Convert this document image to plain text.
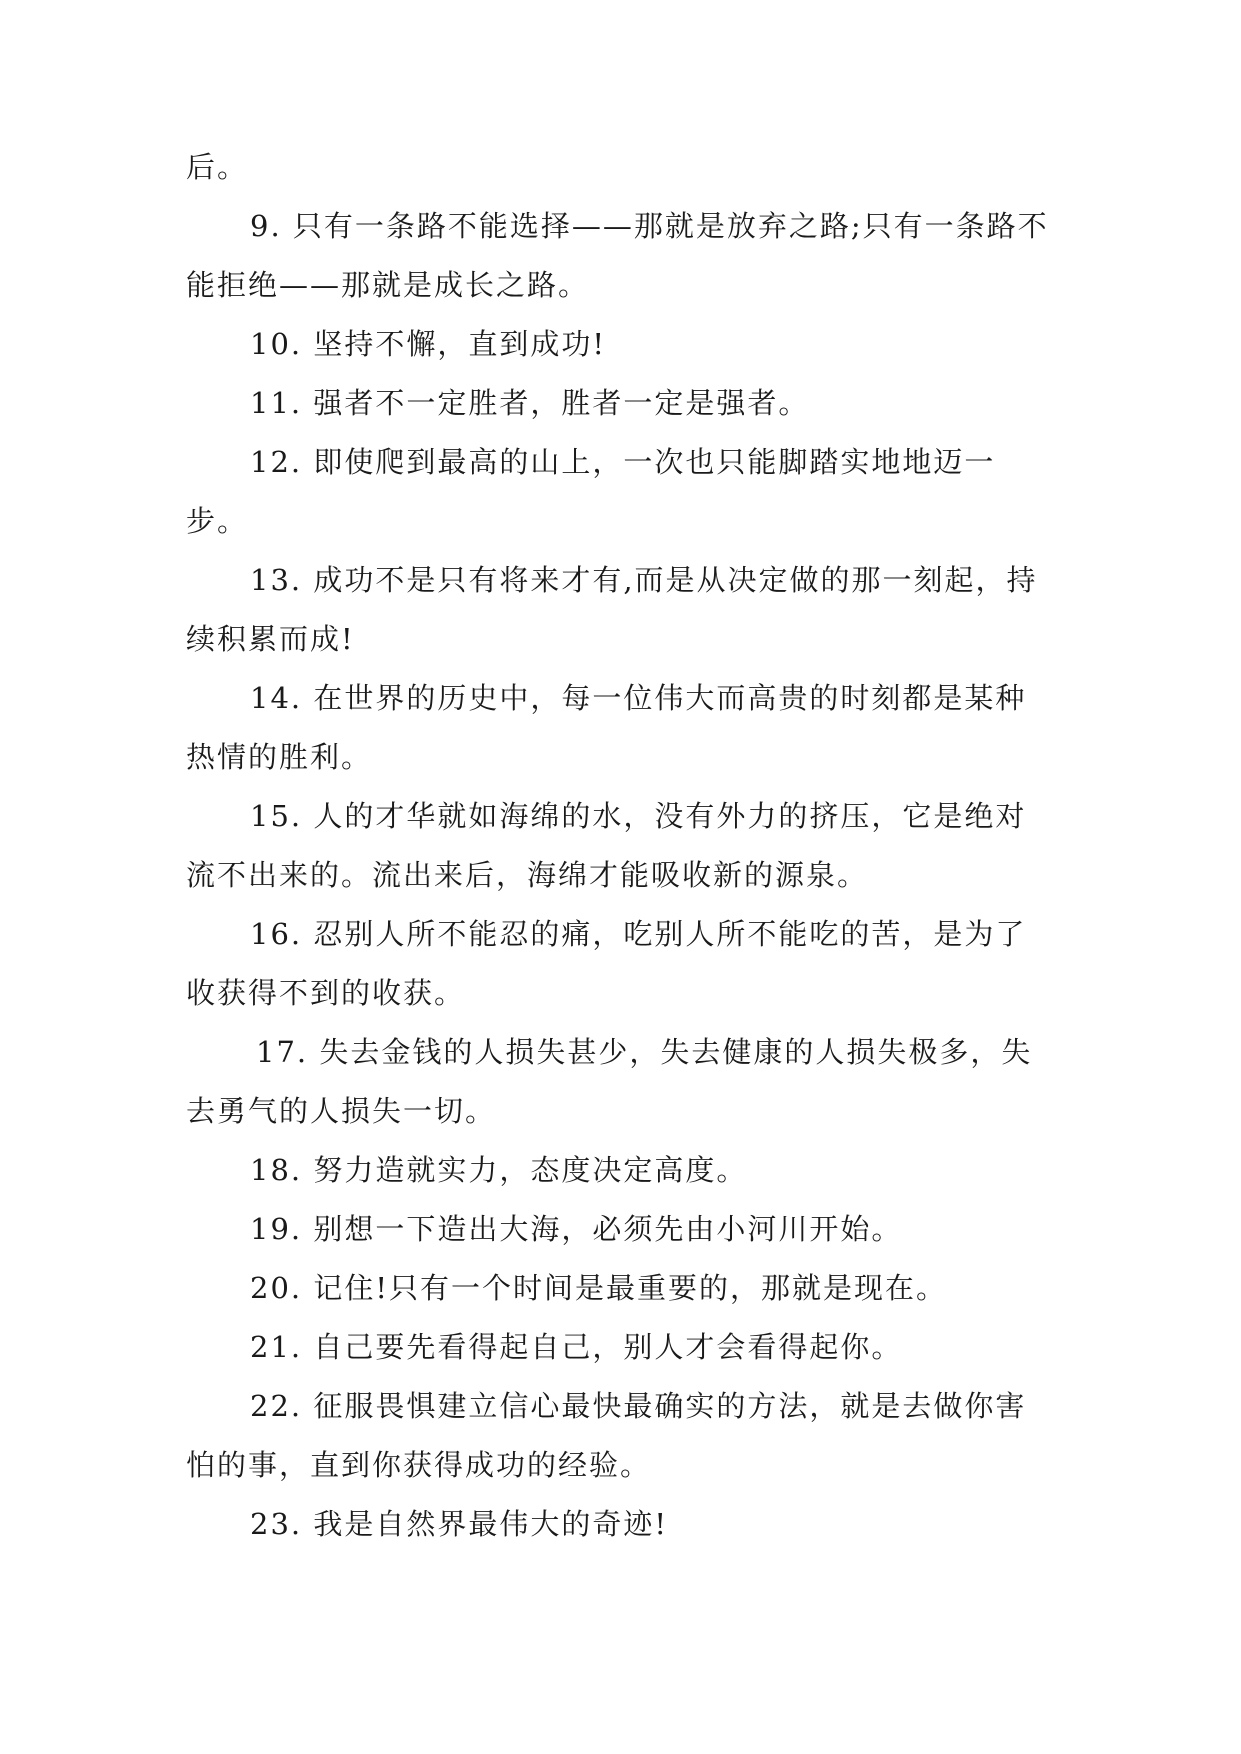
后。

9. 只有一条路不能选择——那就是放弃之路;只有一条路不能拒绝——那就是成长之路。

10. 坚持不懈，直到成功!

11. 强者不一定胜者，胜者一定是强者。

12. 即使爬到最高的山上，一次也只能脚踏实地地迈一步。

13. 成功不是只有将来才有,而是从决定做的那一刻起，持续积累而成!

14. 在世界的历史中，每一位伟大而高贵的时刻都是某种热情的胜利。

15. 人的才华就如海绵的水，没有外力的挤压，它是绝对流不出来的。流出来后，海绵才能吸收新的源泉。

16. 忍别人所不能忍的痛，吃别人所不能吃的苦，是为了收获得不到的收获。

17. 失去金钱的人损失甚少，失去健康的人损失极多，失去勇气的人损失一切。

18. 努力造就实力，态度决定高度。

19. 别想一下造出大海，必须先由小河川开始。

20. 记住!只有一个时间是最重要的，那就是现在。

21. 自己要先看得起自己，别人才会看得起你。

22. 征服畏惧建立信心最快最确实的方法，就是去做你害怕的事，直到你获得成功的经验。

23. 我是自然界最伟大的奇迹!
